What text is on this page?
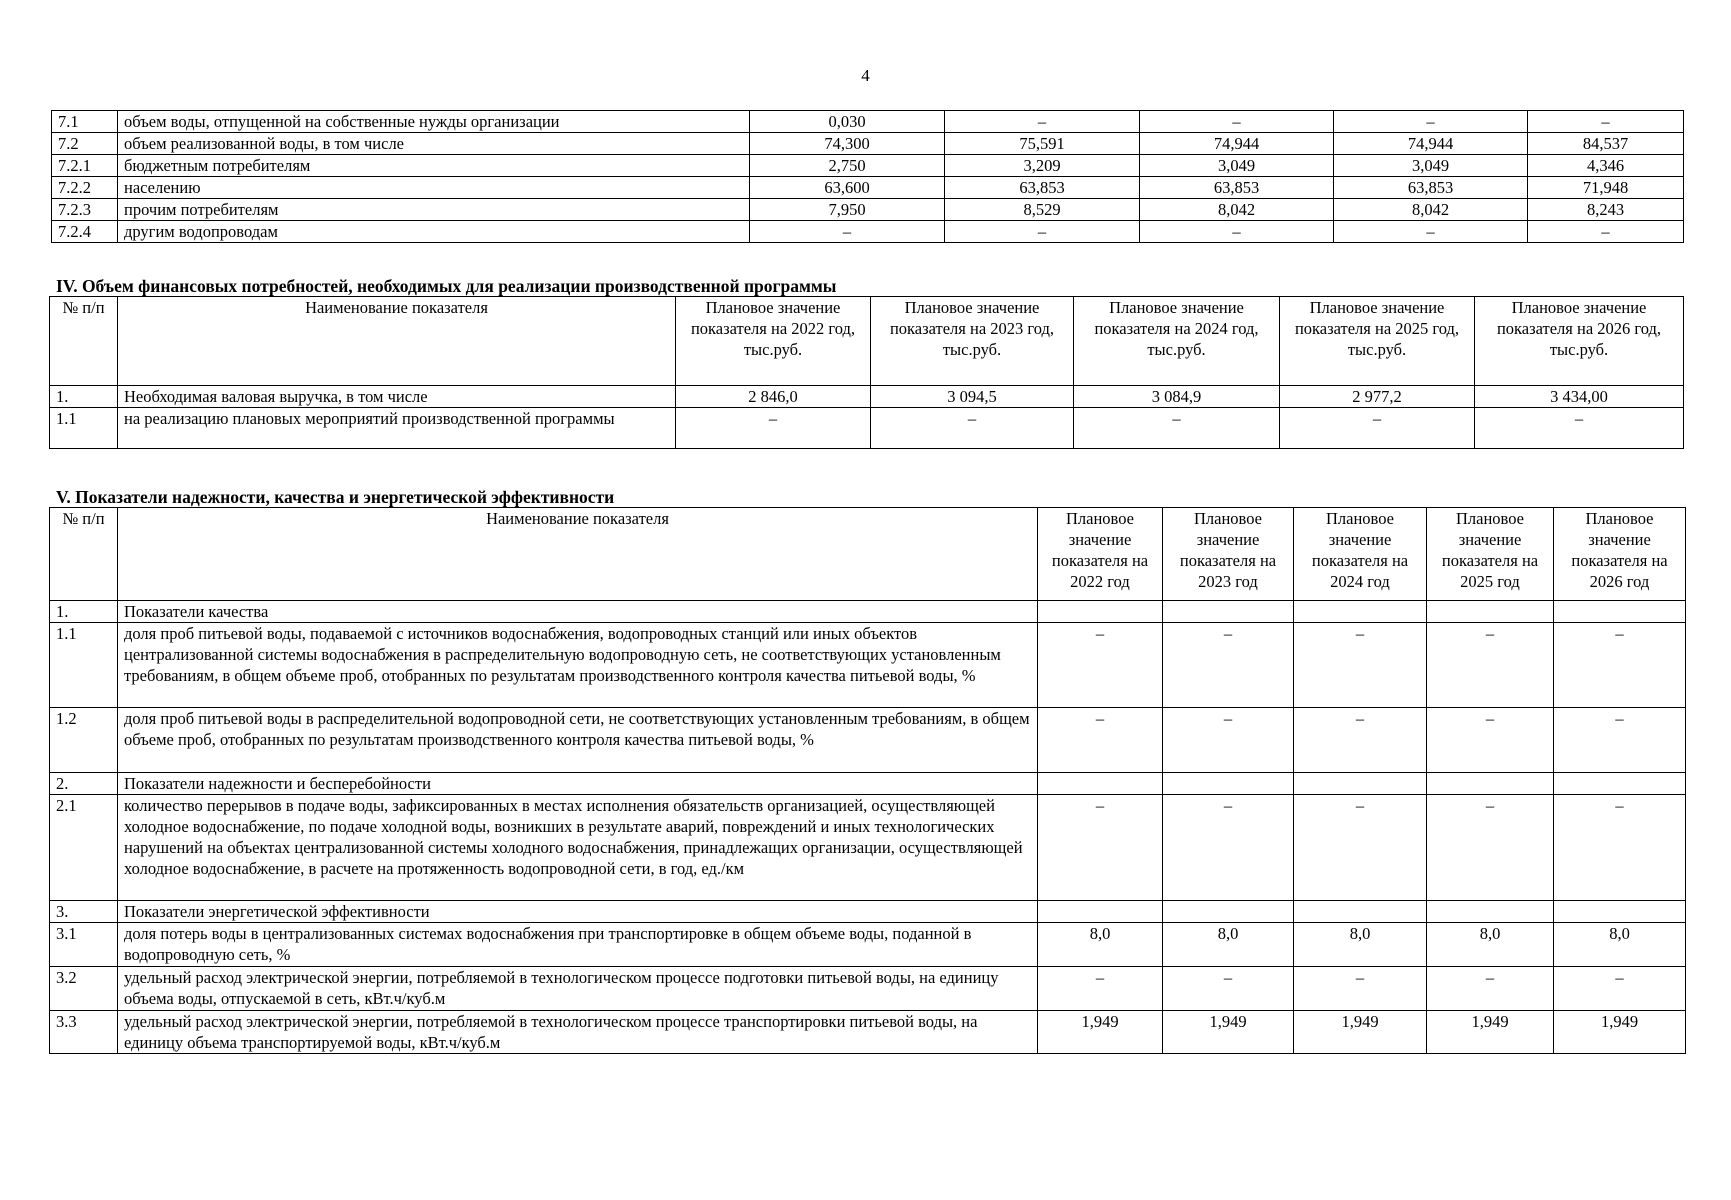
4
7.1	объем воды, отпущенной на собственные нужды организации	0,030	–	–	–	–
7.2	объем реализованной воды, в том числе	74,300	75,591	74,944	74,944	84,537
7.2.1	бюджетным потребителям	2,750	3,209	3,049	3,049	4,346
7.2.2	населению	63,600	63,853	63,853	63,853	71,948
7.2.3	прочим потребителям	7,950	8,529	8,042	8,042	8,243
7.2.4	другим водопроводам	–	–	–	–	–
IV. Объем финансовых потребностей, необходимых для реализации производственной программы
№ п/п	Наименование показателя	Плановое значение показателя на 2022 год, тыс.руб.	Плановое значение показателя на 2023 год, тыс.руб.	Плановое значение показателя на 2024 год, тыс.руб.	Плановое значение показателя на 2025 год, тыс.руб.	Плановое значение показателя на 2026 год, тыс.руб.
1.	Необходимая валовая выручка, в том числе	2 846,0	3 094,5	3 084,9	2 977,2	3 434,00
1.1	на реализацию плановых мероприятий производственной программы	–	–	–	–	–
V. Показатели надежности, качества и энергетической эффективности
№ п/п	Наименование показателя	Плановое значение показателя на 2022 год	Плановое значение показателя на 2023 год	Плановое значение показателя на 2024 год	Плановое значение показателя на 2025 год	Плановое значение показателя на 2026 год
1.	Показатели качества					
1.1	доля проб питьевой воды, подаваемой с источников водоснабжения, водопроводных станций или иных объектов централизованной системы водоснабжения в распределительную водопроводную сеть, не соответствующих установленным требованиям, в общем объеме проб, отобранных по результатам производственного контроля качества питьевой воды, %	–	–	–	–	–
1.2	доля проб питьевой воды в распределительной водопроводной сети, не соответствующих установленным требованиям, в общем объеме проб, отобранных по результатам производственного контроля качества питьевой воды, %	–	–	–	–	–
2.	Показатели надежности и бесперебойности					
2.1	количество перерывов в подаче воды, зафиксированных в местах исполнения обязательств организацией, осуществляющей холодное водоснабжение, по подаче холодной воды, возникших в результате аварий, повреждений и иных технологических нарушений на объектах централизованной системы холодного водоснабжения, принадлежащих организации, осуществляющей холодное водоснабжение, в расчете на протяженность водопроводной сети, в год, ед./км	–	–	–	–	–
3.	Показатели энергетической эффективности					
3.1	доля потерь воды в централизованных системах водоснабжения при транспортировке в общем объеме воды, поданной в водопроводную сеть, %	8,0	8,0	8,0	8,0	8,0
3.2	удельный расход электрической энергии, потребляемой в технологическом процессе подготовки питьевой воды, на единицу объема воды, отпускаемой в сеть, кВт.ч/куб.м	–	–	–	–	–
3.3	удельный расход электрической энергии, потребляемой в технологическом процессе транспортировки питьевой воды, на единицу объема транспортируемой воды, кВт.ч/куб.м	1,949	1,949	1,949	1,949	1,949
